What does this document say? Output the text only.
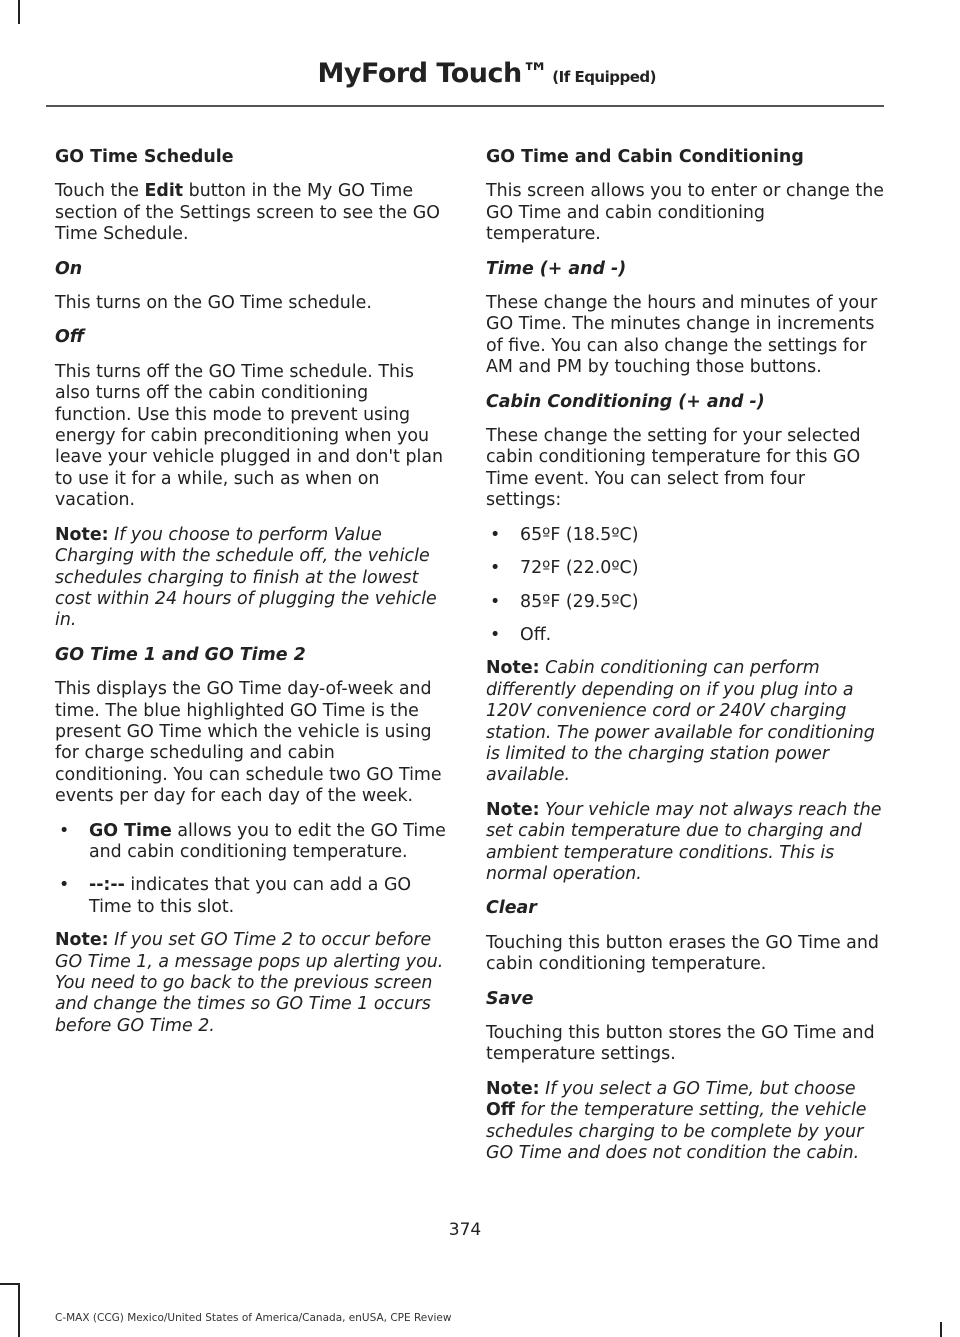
MyFord Touch™ (If Equipped)

GO Time Schedule

Touch the Edit button in the My GO Time section of the Settings screen to see the GO Time Schedule.

On

This turns on the GO Time schedule.

Off

This turns off the GO Time schedule. This also turns off the cabin conditioning function. Use this mode to prevent using energy for cabin preconditioning when you leave your vehicle plugged in and don't plan to use it for a while, such as when on vacation.

Note: If you choose to perform Value Charging with the schedule off, the vehicle schedules charging to finish at the lowest cost within 24 hours of plugging the vehicle in.

GO Time 1 and GO Time 2

This displays the GO Time day-of-week and time. The blue highlighted GO Time is the present GO Time which the vehicle is using for charge scheduling and cabin conditioning. You can schedule two GO Time events per day for each day of the week.

• GO Time allows you to edit the GO Time and cabin conditioning temperature.
• --:-- indicates that you can add a GO Time to this slot.

Note: If you set GO Time 2 to occur before GO Time 1, a message pops up alerting you. You need to go back to the previous screen and change the times so GO Time 1 occurs before GO Time 2.

GO Time and Cabin Conditioning

This screen allows you to enter or change the GO Time and cabin conditioning temperature.

Time (+ and -)

These change the hours and minutes of your GO Time. The minutes change in increments of five. You can also change the settings for AM and PM by touching those buttons.

Cabin Conditioning (+ and -)

These change the setting for your selected cabin conditioning temperature for this GO Time event. You can select from four settings:

• 65ºF (18.5ºC)
• 72ºF (22.0ºC)
• 85ºF (29.5ºC)
• Off.

Note: Cabin conditioning can perform differently depending on if you plug into a 120V convenience cord or 240V charging station. The power available for conditioning is limited to the charging station power available.

Note: Your vehicle may not always reach the set cabin temperature due to charging and ambient temperature conditions. This is normal operation.

Clear

Touching this button erases the GO Time and cabin conditioning temperature.

Save

Touching this button stores the GO Time and temperature settings.

Note: If you select a GO Time, but choose Off for the temperature setting, the vehicle schedules charging to be complete by your GO Time and does not condition the cabin.

374
C-MAX (CCG) Mexico/United States of America/Canada, enUSA, CPE Review
